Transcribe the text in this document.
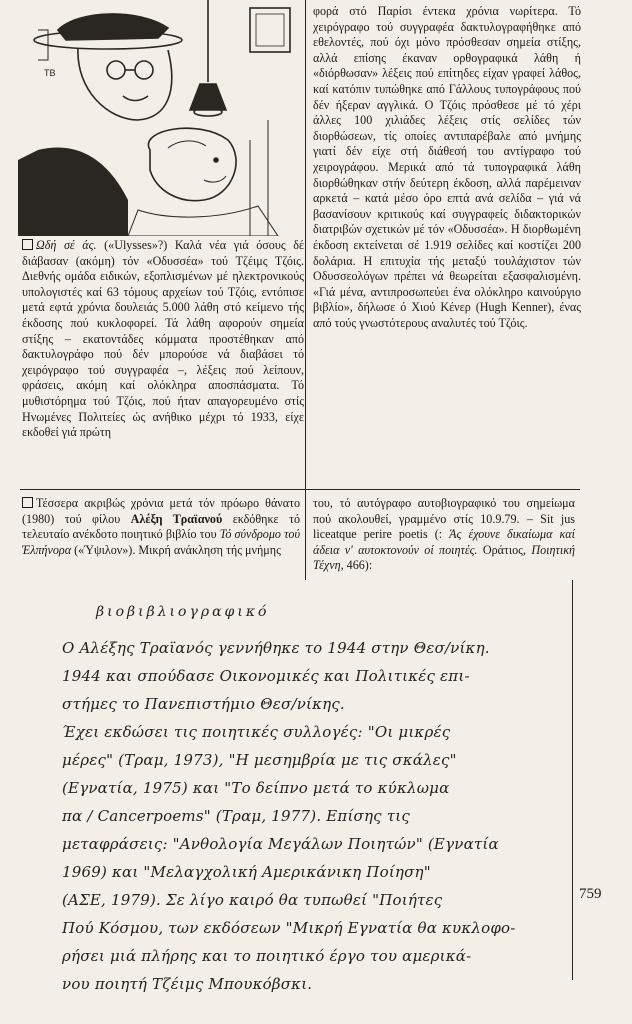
TB

Ωδή σέ άς. («Ulysses»?) Καλά νέα γιά όσους δέ διάβασαν (ακόμη) τόν «Οδυσσέα» τού Τζέιμς Τζόις. Διεθνής ομάδα ειδικών, εξοπλισμένων μέ ηλεκτρονικούς υπολογιστές καί 63 τόμους αρχείων τού Τζόις, εντόπισε μετά εφτά χρόνια δουλειάς 5.000 λάθη στό κείμενο τής έκδοσης πού κυκλοφορεί. Τά λάθη αφορούν σημεία στίξης – εκατοντάδες κόμματα προστέθηκαν από δακτυλογράφο πού δέν μπορούσε νά διαβάσει τό χειρόγραφο τού συγγραφέα –, λέξεις πού λείπουν, φράσεις, ακόμη καί ολόκληρα αποσπάσματα. Τό μυθιστόρημα τού Τζόις, πού ήταν απαγορευμένο στίς Ηνωμένες Πολιτείες ώς ανήθικο μέχρι τό 1933, είχε εκδοθεί γιά πρώτη

φορά στό Παρίσι έντεκα χρόνια νωρίτερα. Τό χειρόγραφο τού συγγραφέα δακτυλογραφήθηκε από εθελοντές, πού όχι μόνο πρόσθεσαν σημεία στίξης, αλλά επίσης έκαναν ορθογραφικά λάθη ή «διόρθωσαν» λέξεις πού επίτηδες είχαν γραφεί λάθος, καί κατόπιν τυπώθηκε από Γάλλους τυπογράφους πού δέν ήξεραν αγγλικά. Ο Τζόις πρόσθεσε μέ τό χέρι άλλες 100 χιλιάδες λέξεις στίς σελίδες τών διορθώσεων, τίς οποίες αντιπαρέβαλε από μνήμης γιατί δέν είχε στή διάθεσή του αντίγραφο τού χειρογράφου. Μερικά από τά τυπογραφικά λάθη διορθώθηκαν στήν δεύτερη έκδοση, αλλά παρέμειναν αρκετά – κατά μέσο όρο επτά ανά σελίδα – γιά νά βασανίσουν κριτικούς καί συγγραφείς διδακτορικών διατριβών σχετικών μέ τόν «Οδυσσέα». Η διορθωμένη έκδοση εκτείνεται σέ 1.919 σελίδες καί κοστίζει 200 δολάρια. Η επιτυχία τής μεταξύ τουλάχιστον τών Οδυσσεολόγων πρέπει νά θεωρείται εξασφαλισμένη. «Γιά μένα, αντιπροσωπεύει ένα ολόκληρο καινούργιο βιβλίο», δήλωσε ό Χιού Κένερ (Hugh Kenner), ένας από τούς γνωστότερους αναλυτές τού Τζόις.

Τέσσερα ακριβώς χρόνια μετά τόν πρόωρο θάνατο (1980) τού φίλου Αλέξη Τραϊανού εκδόθηκε τό τελευταίο ανέκδοτο ποιητικό βιβλίο του Τό σύνδρομο τού Έλπήνορα («Ύψιλον»). Μικρή ανάκληση τής μνήμης

του, τό αυτόγραφο αυτοβιογραφικό του σημείωμα πού ακολουθεί, γραμμένο στίς 10.9.79. – Sit jus liceatque perire poetis (: Άς έχουνε δικαίωμα καί άδεια ν' αυτοκτονούν οί ποιητές. Οράτιος, Ποιητική Τέχνη, 466):

βιοβιβλιογραφικό
Ο Αλέξης Τραϊανός γεννήθηκε το 1944 στην Θεσ/νίκη.
1944 και σπούδασε Οικονομικές και Πολιτικές επι-
στήμες το Πανεπιστήμιο Θεσ/νίκης.
Έχει εκδώσει τις ποιητικές συλλογές: "Οι μικρές
μέρες" (Τραμ, 1973), "Η μεσημβρία με τις σκάλες"
(Εγνατία, 1975) και "Το δείπνο μετά το κύκλωμα
πα / Cancerpoems" (Τραμ, 1977). Επίσης τις
μεταφράσεις: "Ανθολογία Μεγάλων Ποιητών" (Εγνατία
1969) και "Μελαγχολική Αμερικάνικη Ποίηση"
(ΑΣΕ, 1979). Σε λίγο καιρό θα τυπωθεί "Ποιήτες
Πού Κόσμου, των εκδόσεων "Μικρή Εγνατία θα κυκλοφο-
ρήσει μιά πλήρης και το ποιητικό έργο του αμερικά-
νου ποιητή Τζέιμς Μπουκόβσκι.
759
